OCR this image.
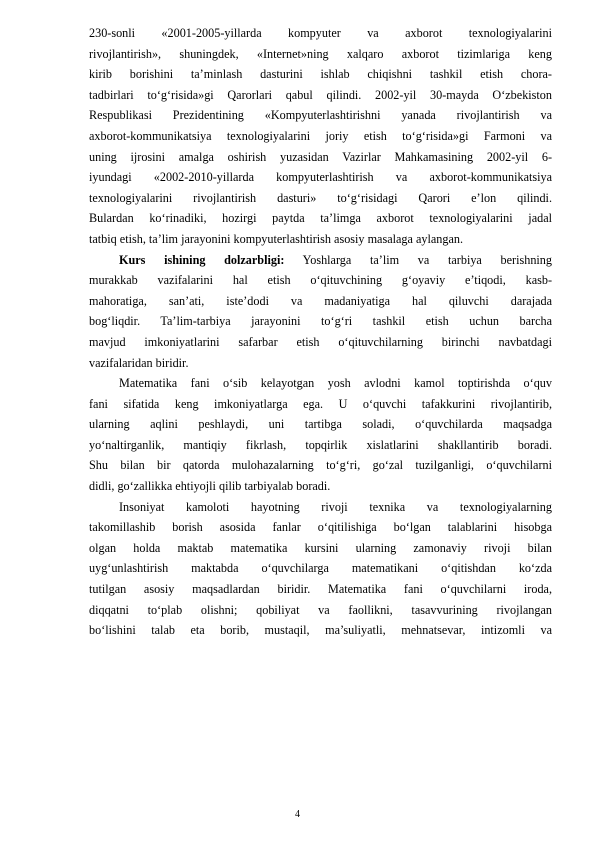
230-sonli «2001-2005-yillarda kompyuter va axborot texnologiyalarini
rivojlantirish», shuningdek, «Internet»ning xalqaro axborot tizimlariga keng
kirib borishini ta’minlash dasturini ishlab chiqishni tashkil etish chora-
tadbirlari to‘g‘risida»gi Qarorlari qabul qilindi. 2002-yil 30-mayda O‘zbekiston
Respublikasi Prezidentining «Kompyuterlashtirishni yanada rivojlantirish va
axborot-kommunikatsiya texnologiyalarini joriy etish to‘g‘risida»gi Farmoni va
uning ijrosini amalga oshirish yuzasidan Vazirlar Mahkamasining 2002-yil 6-
iyundagi «2002-2010-yillarda kompyuterlashtirish va axborot-kommunikatsiya
texnologiyalarini rivojlantirish dasturi» to‘g‘risidagi Qarori e’lon qilindi.
Bulardan ko‘rinadiki, hozirgi paytda ta’limga axborot texnologiyalarini jadal
tatbiq etish, ta’lim jarayonini kompyuterlashtirish asosiy masalaga aylangan.
Kurs ishining dolzarbligi: Yoshlarga ta’lim va tarbiya berishning
murakkab vazifalarini hal etish o‘qituvchining g‘oyaviy e’tiqodi, kasb-
mahoratiga, san’ati, iste’dodi va madaniyatiga hal qiluvchi darajada
bog‘liqdir. Ta’lim-tarbiya jarayonini to‘g‘ri tashkil etish uchun barcha
mavjud imkoniyatlarini safarbar etish o‘qituvchilarning birinchi navbatdagi
vazifalaridan biridir.
Matematika fani o‘sib kelayotgan yosh avlodni kamol toptirishda o‘quv
fani sifatida keng imkoniyatlarga ega. U o‘quvchi tafakkurini rivojlantirib,
ularning aqlini peshlaydi, uni tartibga soladi, o‘quvchilarda maqsadga
yo‘naltirganlik, mantiqiy fikrlash, topqirlik xislatlarini shakllantirib boradi.
Shu bilan bir qatorda mulohazalarning to‘g‘ri, go‘zal tuzilganligi, o‘quvchilarni
didli, go‘zallikka ehtiyojli qilib tarbiyalab boradi.
Insoniyat kamoloti hayotning rivoji texnika va texnologiyalarning
takomillashib borish asosida fanlar o‘qitilishiga bo‘lgan talablarini hisobga
olgan holda maktab matematika kursini ularning zamonaviy rivoji bilan
uyg‘unlashtirish maktabda o‘quvchilarga matematikani o‘qitishdan ko‘zda
tutilgan asosiy maqsadlardan biridir. Matematika fani o‘quvchilarni iroda,
diqqatni to‘plab olishni; qobiliyat va faollikni, tasavvurining rivojlangan
bo‘lishini talab eta borib, mustaqil, ma’suliyatli, mehnatsevar, intizomli va
4
